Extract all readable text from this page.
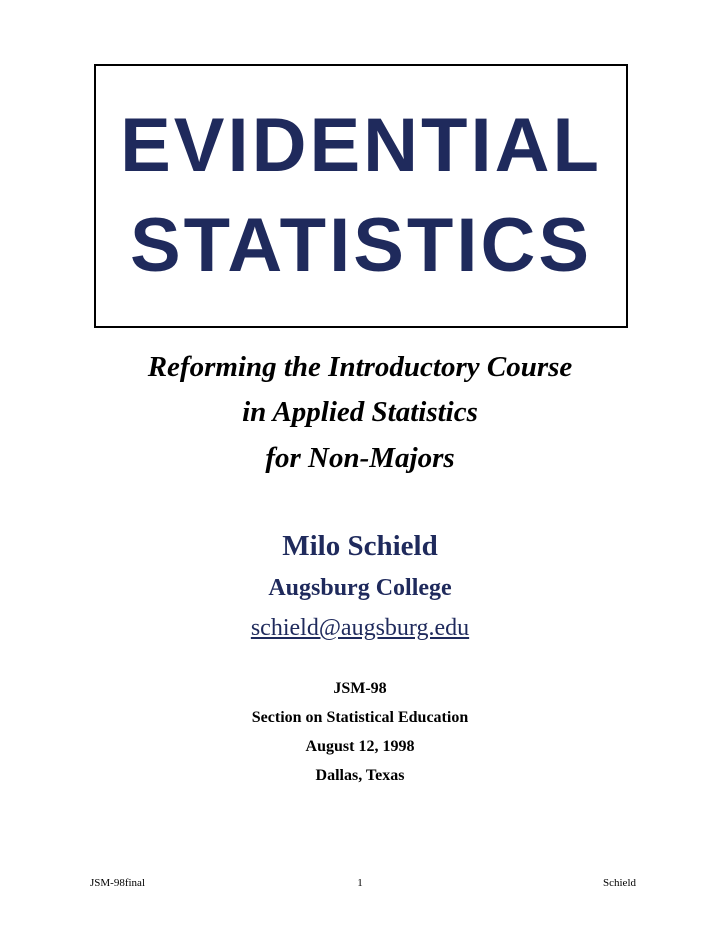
EVIDENTIAL
STATISTICS
Reforming the Introductory Course
in Applied Statistics
for Non-Majors
Milo Schield
Augsburg College
schield@augsburg.edu
JSM-98
Section on Statistical Education
August 12, 1998
Dallas, Texas
JSM-98final	1	Schield
